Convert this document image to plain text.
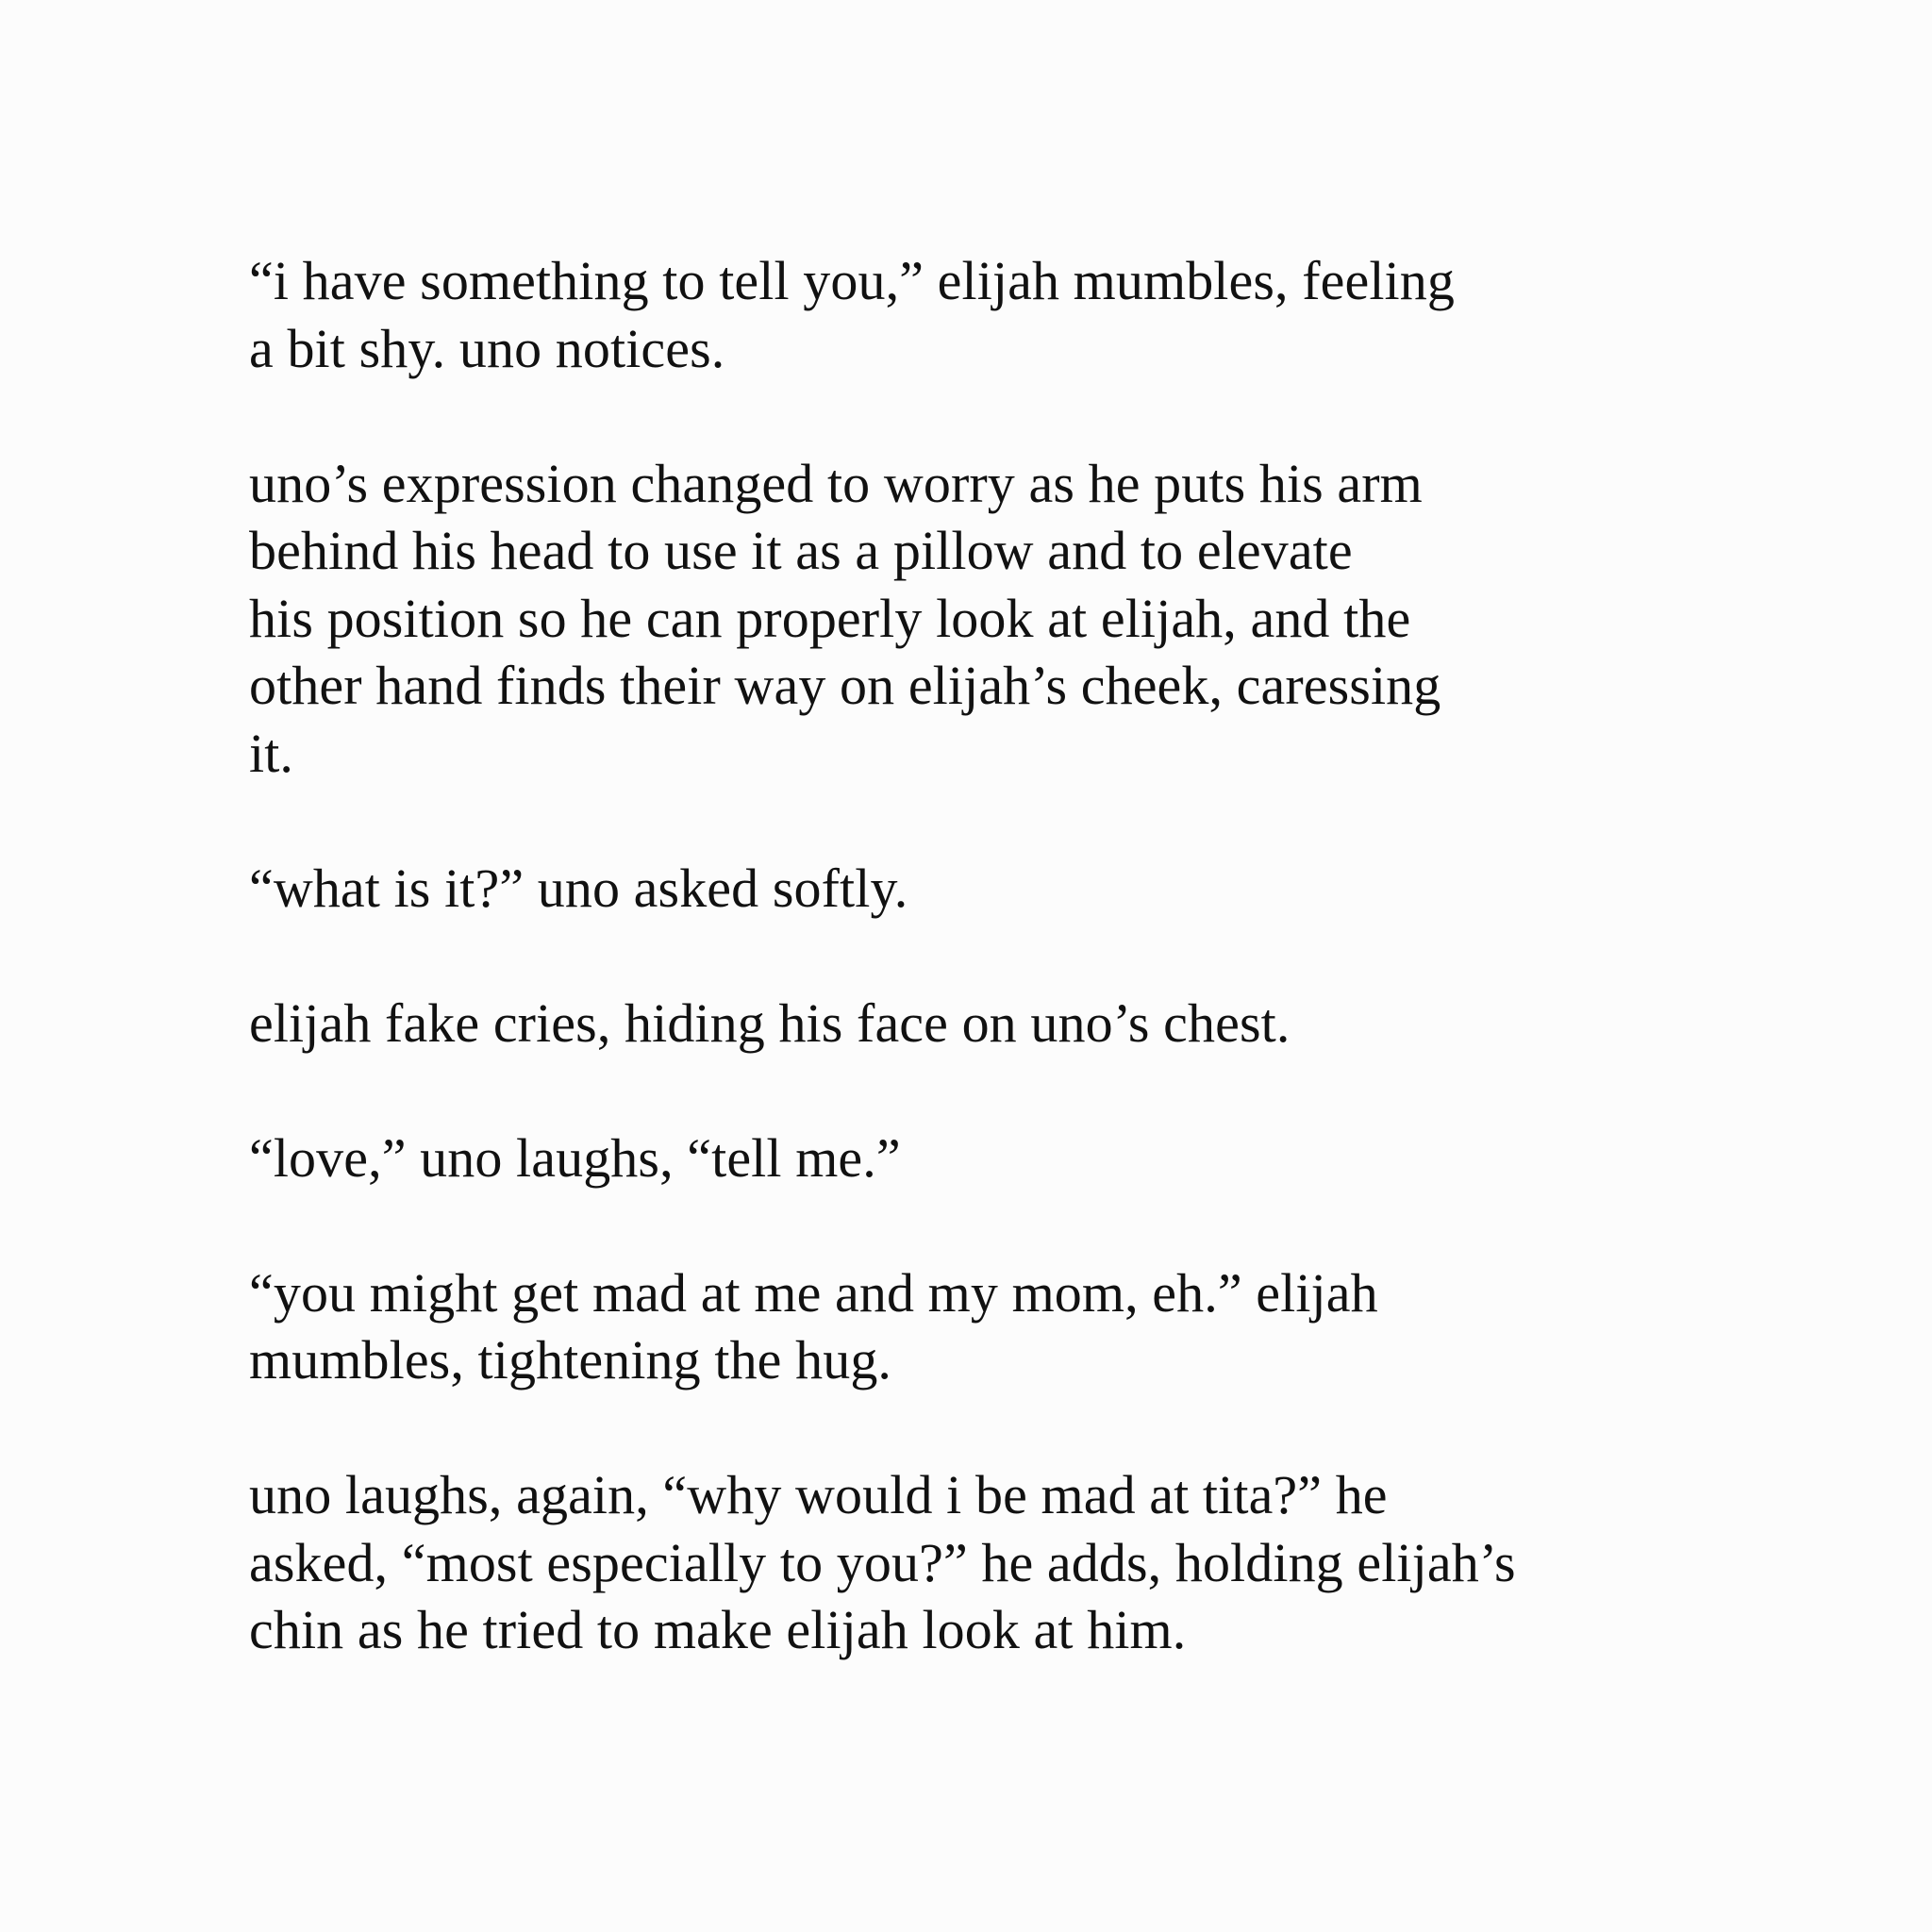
“i have something to tell you,” elijah mumbles, feeling
a bit shy. uno notices.

uno’s expression changed to worry as he puts his arm
behind his head to use it as a pillow and to elevate
his position so he can properly look at elijah, and the
other hand finds their way on elijah’s cheek, caressing
it.

“what is it?” uno asked softly.

elijah fake cries, hiding his face on uno’s chest.

“love,” uno laughs, “tell me.”

“you might get mad at me and my mom, eh.” elijah
mumbles, tightening the hug.

uno laughs, again, “why would i be mad at tita?” he
asked, “most especially to you?” he adds, holding elijah’s
chin as he tried to make elijah look at him.
